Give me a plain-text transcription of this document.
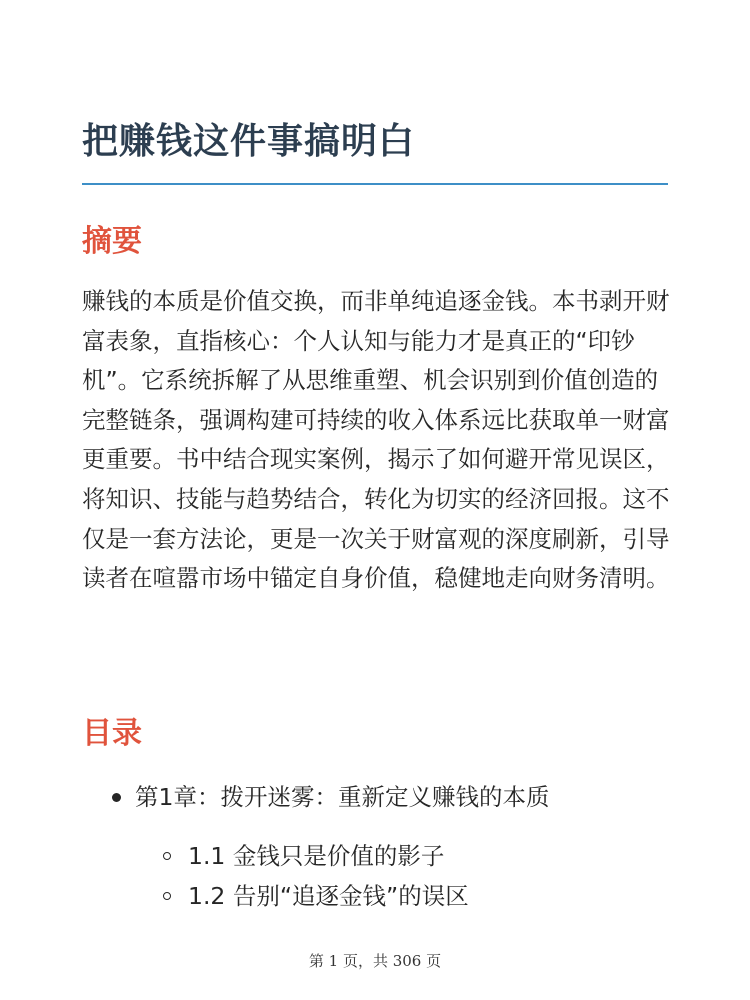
把赚钱这件事搞明白
摘要

赚钱的本质是价值交换，而非单纯追逐金钱。本书剥开财富表象，直指核心：个人认知与能力才是真正的“印钞机”。它系统拆解了从思维重塑、机会识别到价值创造的完整链条，强调构建可持续的收入体系远比获取单一财富更重要。书中结合现实案例，揭示了如何避开常见误区，将知识、技能与趋势结合，转化为切实的经济回报。这不仅是一套方法论，更是一次关于财富观的深度刷新，引导读者在喧嚣市场中锚定自身价值，稳健地走向财务清明。

目录
第1章：拨开迷雾：重新定义赚钱的本质
1.1 金钱只是价值的影子
1.2 告别“追逐金钱”的误区
第 1 页，共 306 页
